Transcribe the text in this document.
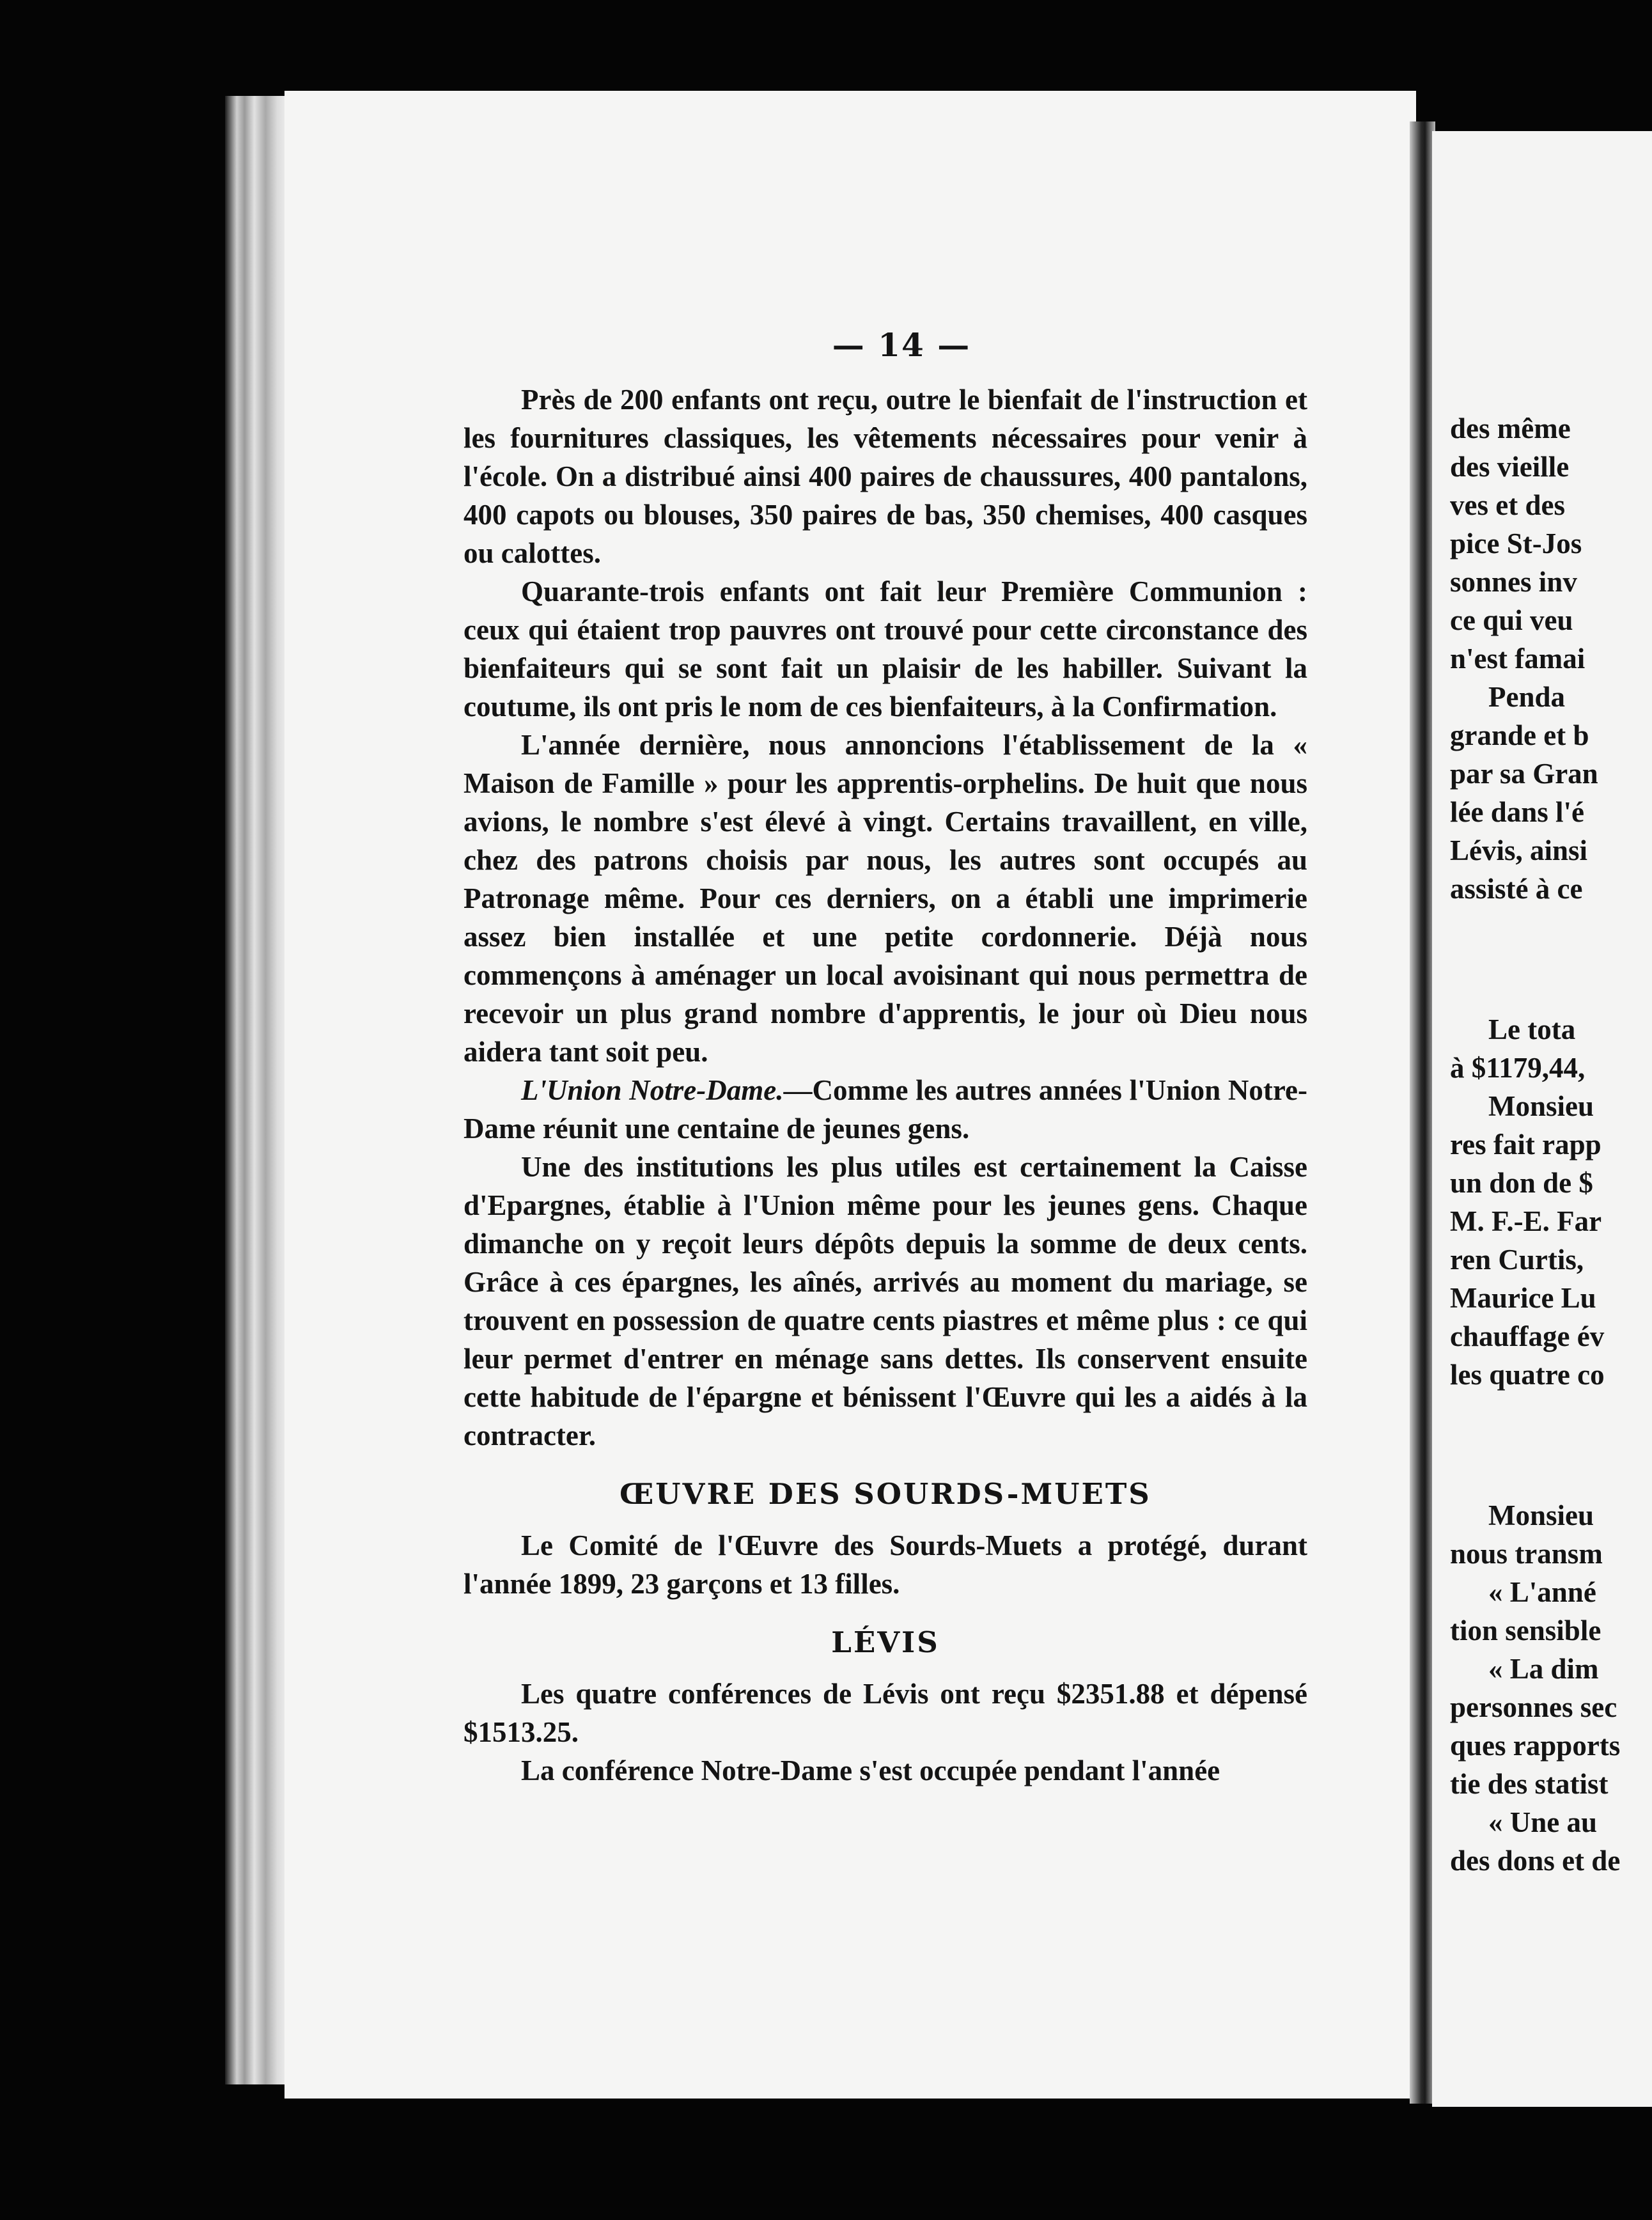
— 14 —

Près de 200 enfants ont reçu, outre le bienfait de l'instruction et les fournitures classiques, les vêtements nécessaires pour venir à l'école. On a distribué ainsi 400 paires de chaussures, 400 pantalons, 400 capots ou blouses, 350 paires de bas, 350 chemises, 400 casques ou calottes.

Quarante-trois enfants ont fait leur Première Communion : ceux qui étaient trop pauvres ont trouvé pour cette circonstance des bienfaiteurs qui se sont fait un plaisir de les habiller. Suivant la coutume, ils ont pris le nom de ces bienfaiteurs, à la Confirmation.

L'année dernière, nous annoncions l'établissement de la « Maison de Famille » pour les apprentis-orphelins. De huit que nous avions, le nombre s'est élevé à vingt. Certains travaillent, en ville, chez des patrons choisis par nous, les autres sont occupés au Patronage même. Pour ces derniers, on a établi une imprimerie assez bien installée et une petite cordonnerie. Déjà nous commençons à aménager un local avoisinant qui nous permettra de recevoir un plus grand nombre d'apprentis, le jour où Dieu nous aidera tant soit peu.

L'Union Notre-Dame.—Comme les autres années l'Union Notre-Dame réunit une centaine de jeunes gens.

Une des institutions les plus utiles est certainement la Caisse d'Epargnes, établie à l'Union même pour les jeunes gens. Chaque dimanche on y reçoit leurs dépôts depuis la somme de deux cents. Grâce à ces épargnes, les aînés, arrivés au moment du mariage, se trouvent en possession de quatre cents piastres et même plus : ce qui leur permet d'entrer en ménage sans dettes. Ils conservent ensuite cette habitude de l'épargne et bénissent l'Œuvre qui les a aidés à la contracter.

ŒUVRE DES SOURDS-MUETS

Le Comité de l'Œuvre des Sourds-Muets a protégé, durant l'année 1899, 23 garçons et 13 filles.

LÉVIS

Les quatre conférences de Lévis ont reçu $2351.88 et dépensé $1513.25.

La conférence Notre-Dame s'est occupée pendant l'année

des même
des vieille
ves et des
pice St-Jos
sonnes inv
ce qui veu
n'est famai
Penda
grande et b
par sa Gran
lée dans l'é
Lévis, ainsi
assisté à ce
Le tota
à $1179,44,
Monsieu
res fait rapp
un don de $
M. F.-E. Far
ren Curtis,
Maurice Lu
chauffage év
les quatre co
Monsieu
nous transm
« L'anné
tion sensible
« La dim
personnes sec
ques rapports
tie des statist
« Une au
des dons et de
